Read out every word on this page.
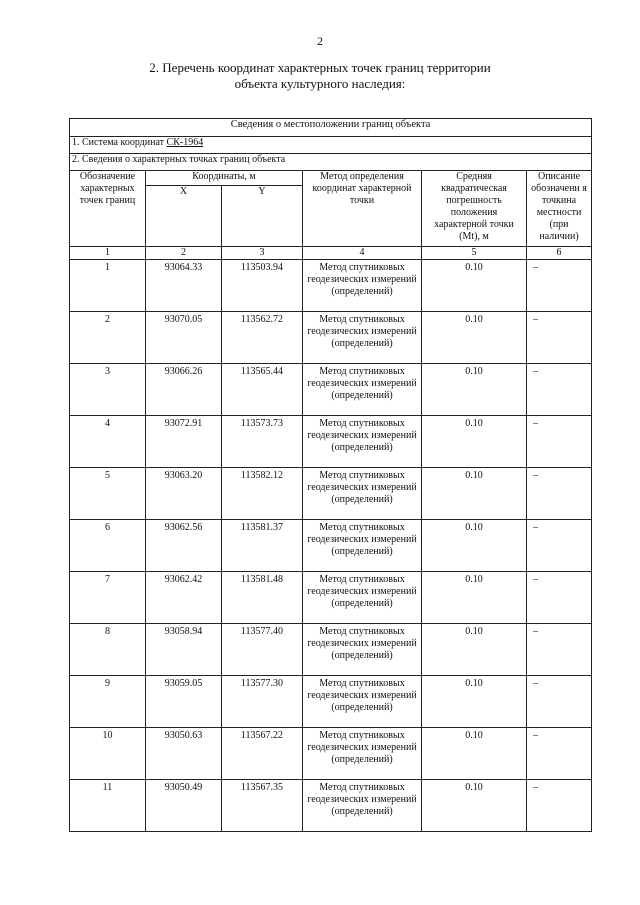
2
2. Перечень координат характерных точек границ территории
объекта культурного наследия:
Сведения о местоположении границ объекта					
1. Система координат СК-1964					
2. Сведения о характерных точках границ объекта					
Обозначение характерных точек границ	Координаты, м		Метод определения координат характерной точки	Средняя квадратическая погрешность положения характерной точки (Mt), м	Описание обозначени я точкина местности (при наличии)
	X	Y			
1	2	3	4	5	6
1	93064.33	113503.94	Метод спутниковых геодезических измерений (определений)	0.10	–
2	93070.05	113562.72	Метод спутниковых геодезических измерений (определений)	0.10	–
3	93066.26	113565.44	Метод спутниковых геодезических измерений (определений)	0.10	–
4	93072.91	113573.73	Метод спутниковых геодезических измерений (определений)	0.10	–
5	93063.20	113582.12	Метод спутниковых геодезических измерений (определений)	0.10	–
6	93062.56	113581.37	Метод спутниковых геодезических измерений (определений)	0.10	–
7	93062.42	113581.48	Метод спутниковых геодезических измерений (определений)	0.10	–
8	93058.94	113577.40	Метод спутниковых геодезических измерений (определений)	0.10	–
9	93059.05	113577.30	Метод спутниковых геодезических измерений (определений)	0.10	–
10	93050.63	113567.22	Метод спутниковых геодезических измерений (определений)	0.10	–
11	93050.49	113567.35	Метод спутниковых геодезических измерений (определений)	0.10	–
